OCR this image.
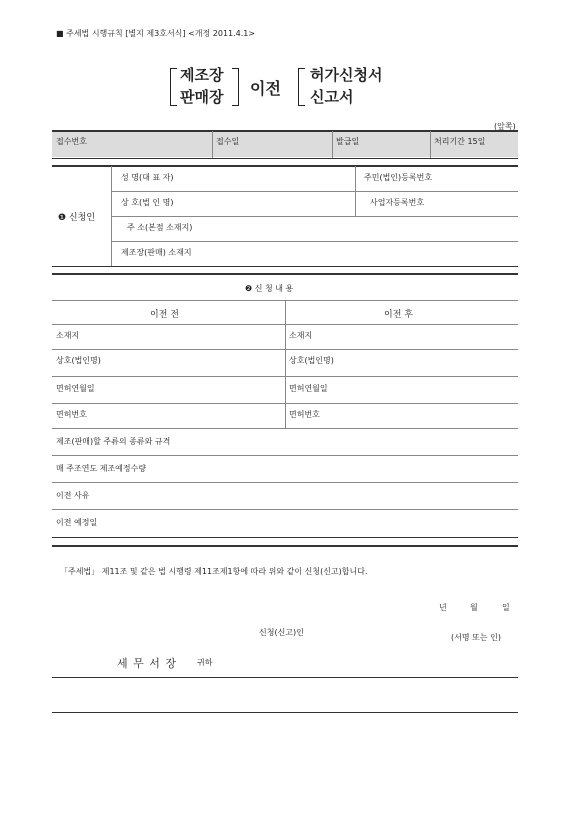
■ 주세법 시행규칙 [별지 제3호서식] <개정 2011.4.1>
제조장
판매장 이전
허가신청서
신고서
(앞쪽)
접수번호	접수일	발급일	처리기간 15일
❶ 신청인
성 명(대 표 자)	주민(법인)등록번호
상 호(법 인 명)	사업자등록번호
주 소(본점 소재지)
제조장(판매) 소재지
❷ 신 청 내 용
이전 전	이전 후
소재지	소재지
상호(법인명)	상호(법인명)
면허연월일	면허연월일
면허번호	면허번호
제조(판매)할 주류의 종류와 규격
매 주조연도 제조예정수량
이전 사유
이전 예정일
「주세법」 제11조 및 같은 법 시행령 제11조제1항에 따라 위와 같이 신청(신고)합니다.
년	월	일
신청(신고)인
(서명 또는 인)
세 무 서 장	귀하
